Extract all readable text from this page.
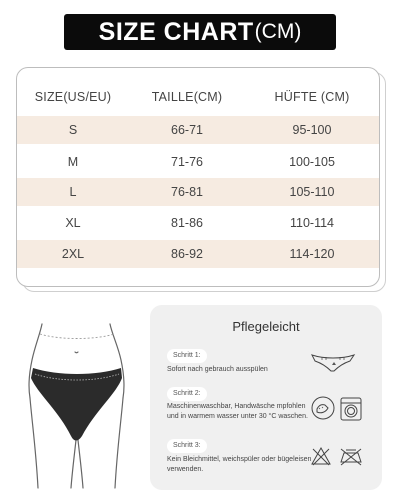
SIZE CHART (CM)
SIZE(US/EU)	TAILLE(CM)	HÜFTE (CM)
S	66-71	95-100
M	71-76	100-105
L	76-81	105-110
XL	81-86	110-114
2XL	86-92	114-120
Pflegeleicht
Schritt 1:
Sofort nach gebrauch ausspülen
Schritt 2:
Maschinenwaschbar, Handwäsche mpfohlen und in warmem wasser unter 30 °C waschen.
Schritt 3:
Kein Bleichmittel, weichspüler oder bügeleisen verwenden.
